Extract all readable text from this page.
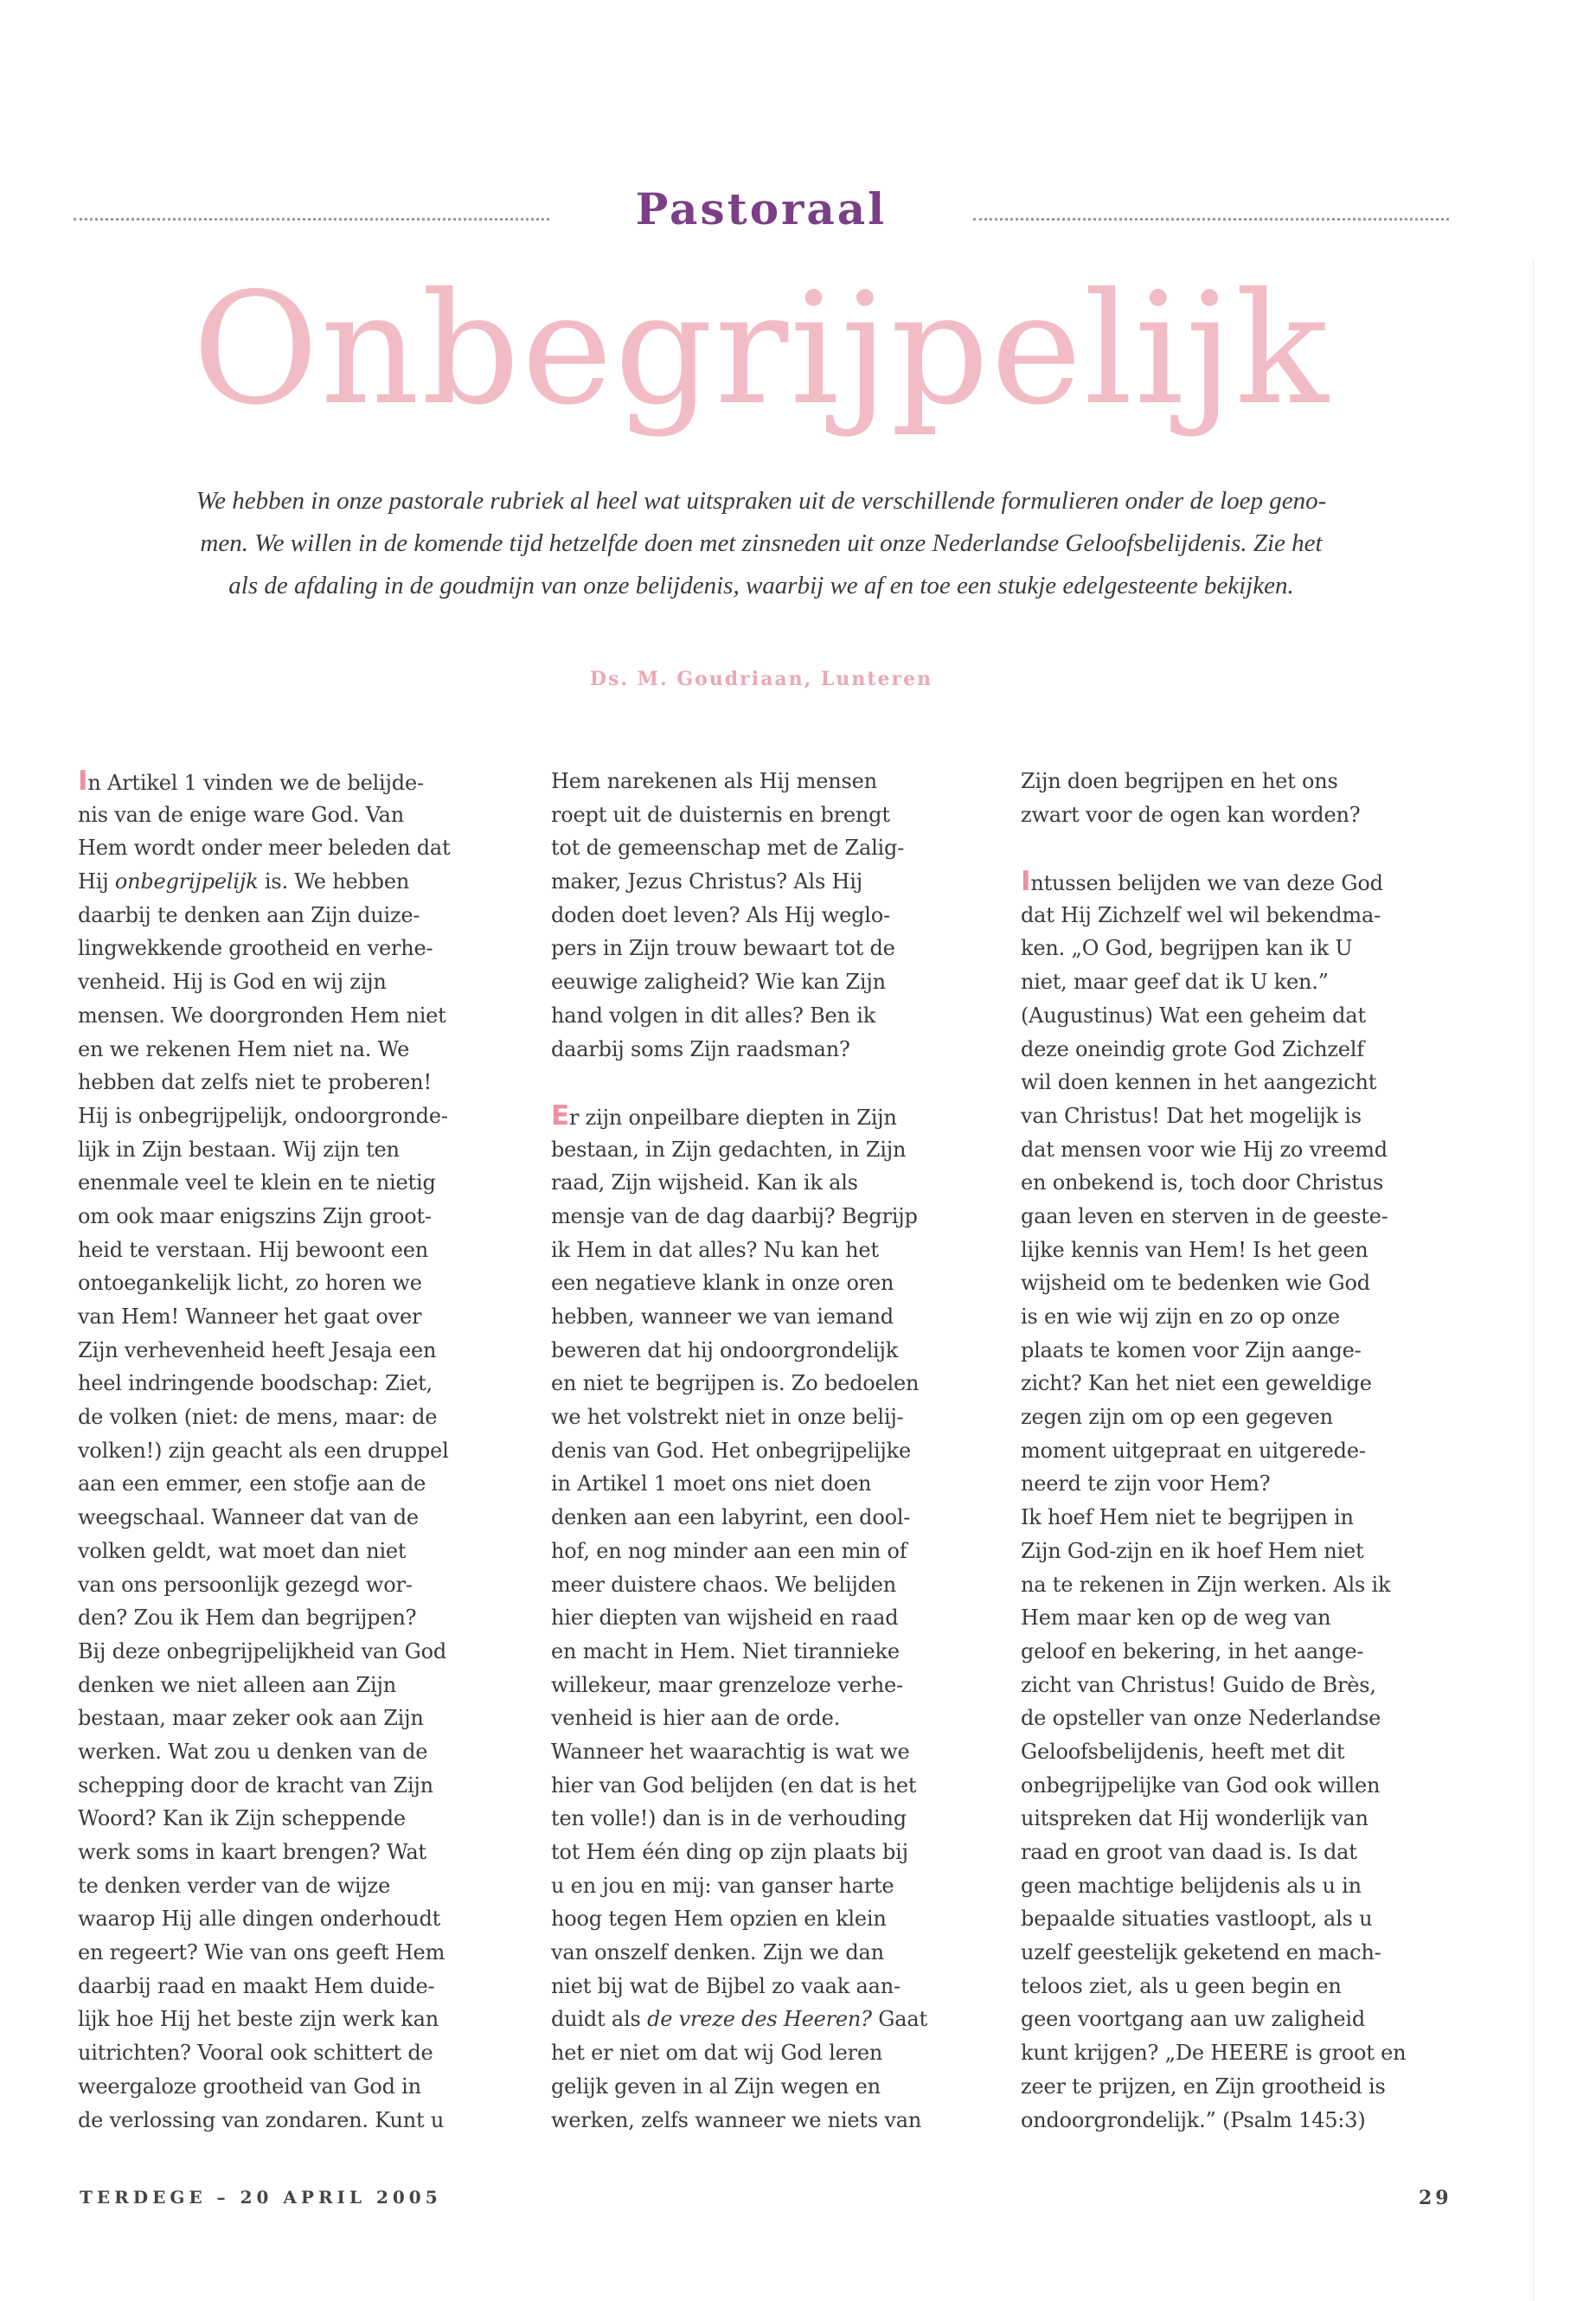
Pastoraal
Onbegrijpelijk
We hebben in onze pastorale rubriek al heel wat uitspraken uit de verschillende formulieren onder de loep geno-
men. We willen in de komende tijd hetzelfde doen met zinsneden uit onze Nederlandse Geloofsbelijdenis. Zie het
als de afdaling in de goudmijn van onze belijdenis, waarbij we af en toe een stukje edelgesteente bekijken.
Ds. M. Goudriaan, Lunteren
In Artikel 1 vinden we de belijde-
nis van de enige ware God. Van
Hem wordt onder meer beleden dat
Hij onbegrijpelijk is. We hebben
daarbij te denken aan Zijn duize-
lingwekkende grootheid en verhe-
venheid. Hij is God en wij zijn
mensen. We doorgronden Hem niet
en we rekenen Hem niet na. We
hebben dat zelfs niet te proberen!
Hij is onbegrijpelijk, ondoorgronde-
lijk in Zijn bestaan. Wij zijn ten
enenmale veel te klein en te nietig
om ook maar enigszins Zijn groot-
heid te verstaan. Hij bewoont een
ontoegankelijk licht, zo horen we
van Hem! Wanneer het gaat over
Zijn verhevenheid heeft Jesaja een
heel indringende boodschap: Ziet,
de volken (niet: de mens, maar: de
volken!) zijn geacht als een druppel
aan een emmer, een stofje aan de
weegschaal. Wanneer dat van de
volken geldt, wat moet dan niet
van ons persoonlijk gezegd wor-
den? Zou ik Hem dan begrijpen?
Bij deze onbegrijpelijkheid van God
denken we niet alleen aan Zijn
bestaan, maar zeker ook aan Zijn
werken. Wat zou u denken van de
schepping door de kracht van Zijn
Woord? Kan ik Zijn scheppende
werk soms in kaart brengen? Wat
te denken verder van de wijze
waarop Hij alle dingen onderhoudt
en regeert? Wie van ons geeft Hem
daarbij raad en maakt Hem duide-
lijk hoe Hij het beste zijn werk kan
uitrichten? Vooral ook schittert de
weergaloze grootheid van God in
de verlossing van zondaren. Kunt u
Hem narekenen als Hij mensen
roept uit de duisternis en brengt
tot de gemeenschap met de Zalig-
maker, Jezus Christus? Als Hij
doden doet leven? Als Hij weglo-
pers in Zijn trouw bewaart tot de
eeuwige zaligheid? Wie kan Zijn
hand volgen in dit alles? Ben ik
daarbij soms Zijn raadsman?
Er zijn onpeilbare diepten in Zijn
bestaan, in Zijn gedachten, in Zijn
raad, Zijn wijsheid. Kan ik als
mensje van de dag daarbij? Begrijp
ik Hem in dat alles? Nu kan het
een negatieve klank in onze oren
hebben, wanneer we van iemand
beweren dat hij ondoorgrondelijk
en niet te begrijpen is. Zo bedoelen
we het volstrekt niet in onze belij-
denis van God. Het onbegrijpelijke
in Artikel 1 moet ons niet doen
denken aan een labyrint, een dool-
hof, en nog minder aan een min of
meer duistere chaos. We belijden
hier diepten van wijsheid en raad
en macht in Hem. Niet tirannieke
willekeur, maar grenzeloze verhe-
venheid is hier aan de orde.
Wanneer het waarachtig is wat we
hier van God belijden (en dat is het
ten volle!) dan is in de verhouding
tot Hem één ding op zijn plaats bij
u en jou en mij: van ganser harte
hoog tegen Hem opzien en klein
van onszelf denken. Zijn we dan
niet bij wat de Bijbel zo vaak aan-
duidt als de vreze des Heeren? Gaat
het er niet om dat wij God leren
gelijk geven in al Zijn wegen en
werken, zelfs wanneer we niets van
Zijn doen begrijpen en het ons
zwart voor de ogen kan worden?
Intussen belijden we van deze God
dat Hij Zichzelf wel wil bekendma-
ken. „O God, begrijpen kan ik U
niet, maar geef dat ik U ken.”
(Augustinus) Wat een geheim dat
deze oneindig grote God Zichzelf
wil doen kennen in het aangezicht
van Christus! Dat het mogelijk is
dat mensen voor wie Hij zo vreemd
en onbekend is, toch door Christus
gaan leven en sterven in de geeste-
lijke kennis van Hem! Is het geen
wijsheid om te bedenken wie God
is en wie wij zijn en zo op onze
plaats te komen voor Zijn aange-
zicht? Kan het niet een geweldige
zegen zijn om op een gegeven
moment uitgepraat en uitgerede-
neerd te zijn voor Hem?
Ik hoef Hem niet te begrijpen in
Zijn God-zijn en ik hoef Hem niet
na te rekenen in Zijn werken. Als ik
Hem maar ken op de weg van
geloof en bekering, in het aange-
zicht van Christus! Guido de Brès,
de opsteller van onze Nederlandse
Geloofsbelijdenis, heeft met dit
onbegrijpelijke van God ook willen
uitspreken dat Hij wonderlijk van
raad en groot van daad is. Is dat
geen machtige belijdenis als u in
bepaalde situaties vastloopt, als u
uzelf geestelijk geketend en mach-
teloos ziet, als u geen begin en
geen voortgang aan uw zaligheid
kunt krijgen? „De HEERE is groot en
zeer te prijzen, en Zijn grootheid is
ondoorgrondelijk.” (Psalm 145:3)
TERDEGE – 20 APRIL 2005	29
